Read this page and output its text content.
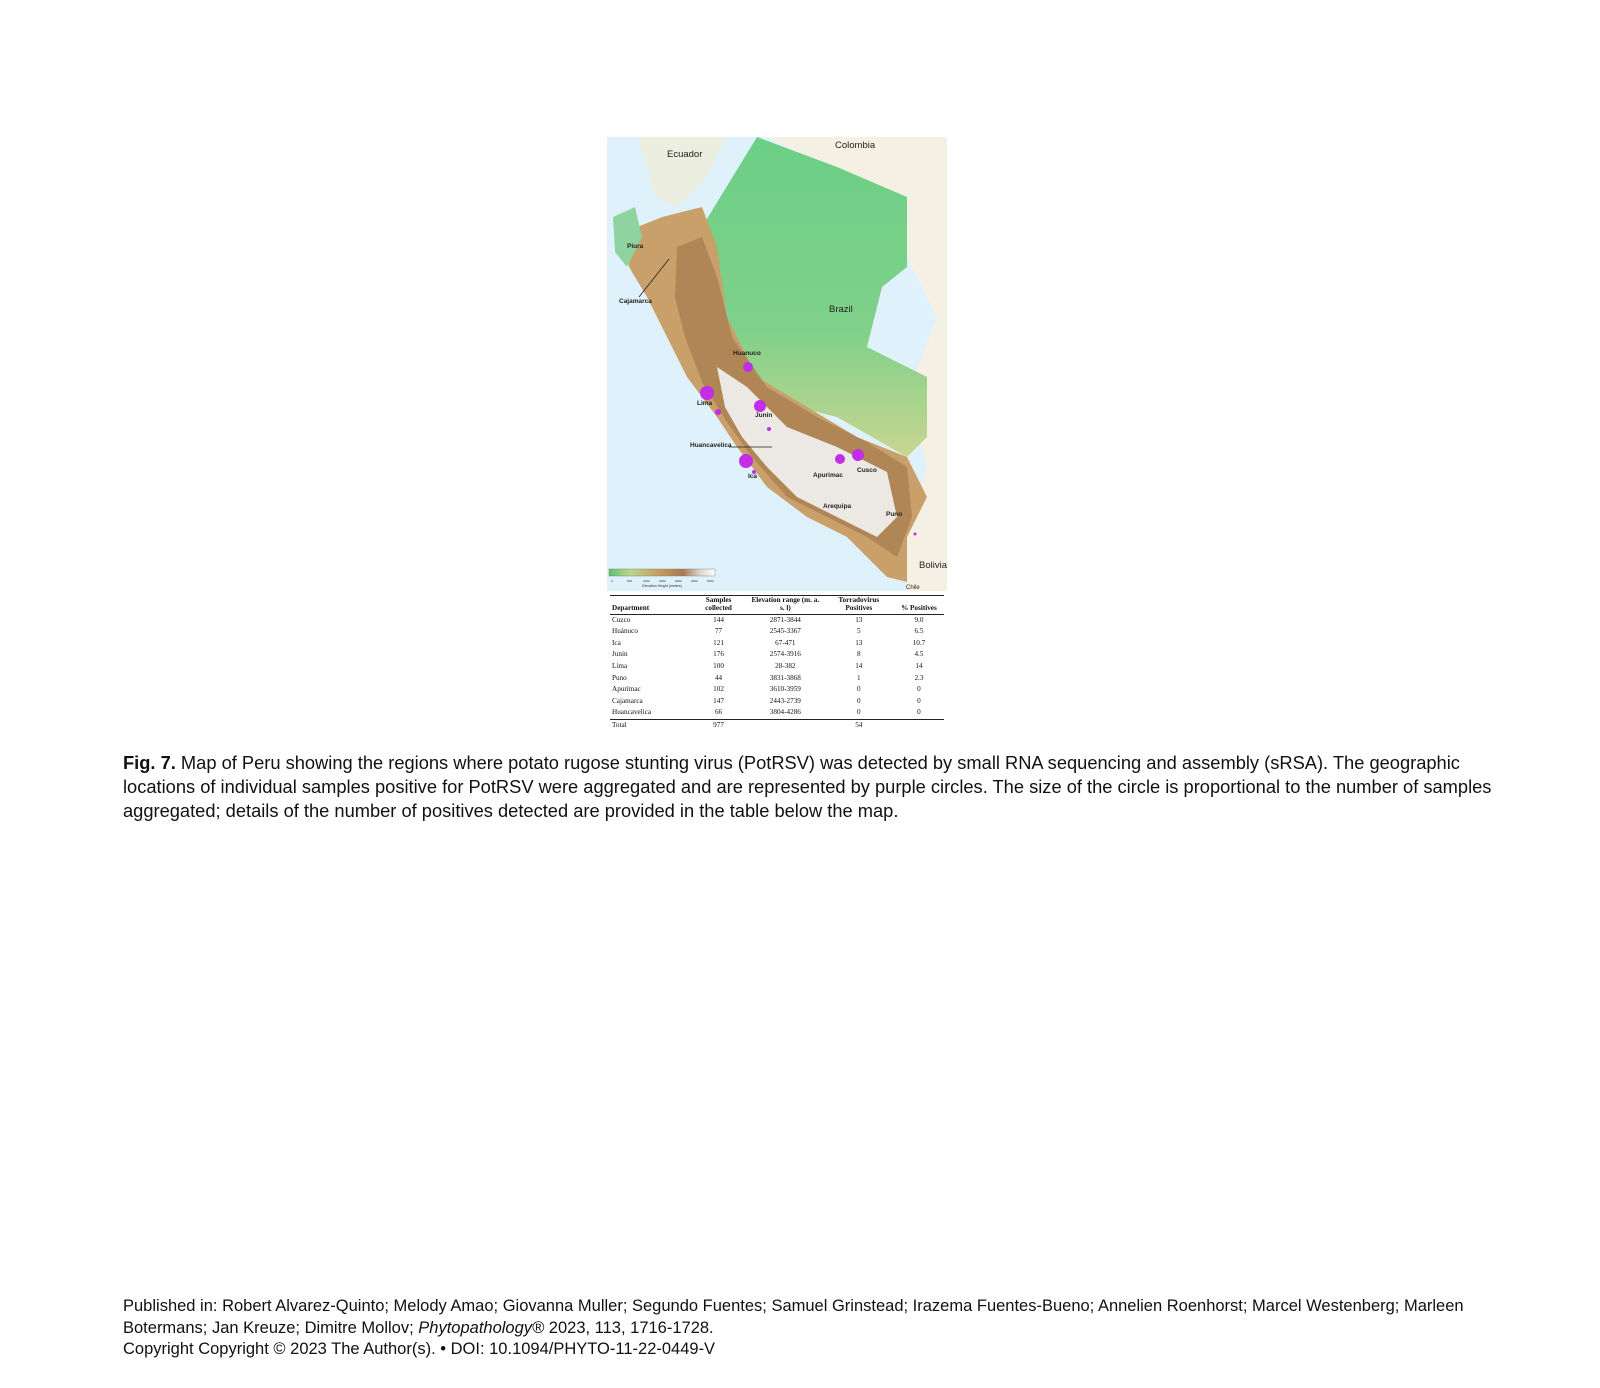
Elevation Height (meters)
0	500	1000	2000	3000	4000	5000
Ecuador
Colombia
Brazil
Bolivia
Chile
Piura
Cajamarca
Huanuco
Lima
Junin
Huancavelica
Ica	Apurimac
Cusco
Arequipa
Puno
Department	Samples collected	Elevation range (m. a. s. l)	Torradovirus Positives	% Positives
Cuzco	144	2871-3844	13	9.0
Huánuco	77	2545-3367	5	6.5
Ica	121	67-471	13	10.7
Junín	176	2574-3916	8	4.5
Lima	100	28-382	14	14
Puno	44	3831-3868	1	2.3
Apurímac	102	3610-3959	0	0
Cajamarca	147	2443-2739	0	0
Huancavelica	66	3804-4286	0	0
Total	977		54	
Fig. 7. Map of Peru showing the regions where potato rugose stunting virus (PotRSV) was detected by small RNA sequencing and assembly (sRSA). The geographic locations of individual samples positive for PotRSV were aggregated and are represented by purple circles. The size of the circle is proportional to the number of samples aggregated; details of the number of positives detected are provided in the table below the map.
Published in: Robert Alvarez-Quinto; Melody Amao; Giovanna Muller; Segundo Fuentes; Samuel Grinstead; Irazema Fuentes-Bueno; Annelien Roenhorst; Marcel Westenberg; Marleen Botermans; Jan Kreuze; Dimitre Mollov; Phytopathology® 2023, 113, 1716-1728.
Copyright Copyright © 2023 The Author(s). • DOI: 10.1094/PHYTO-11-22-0449-V
